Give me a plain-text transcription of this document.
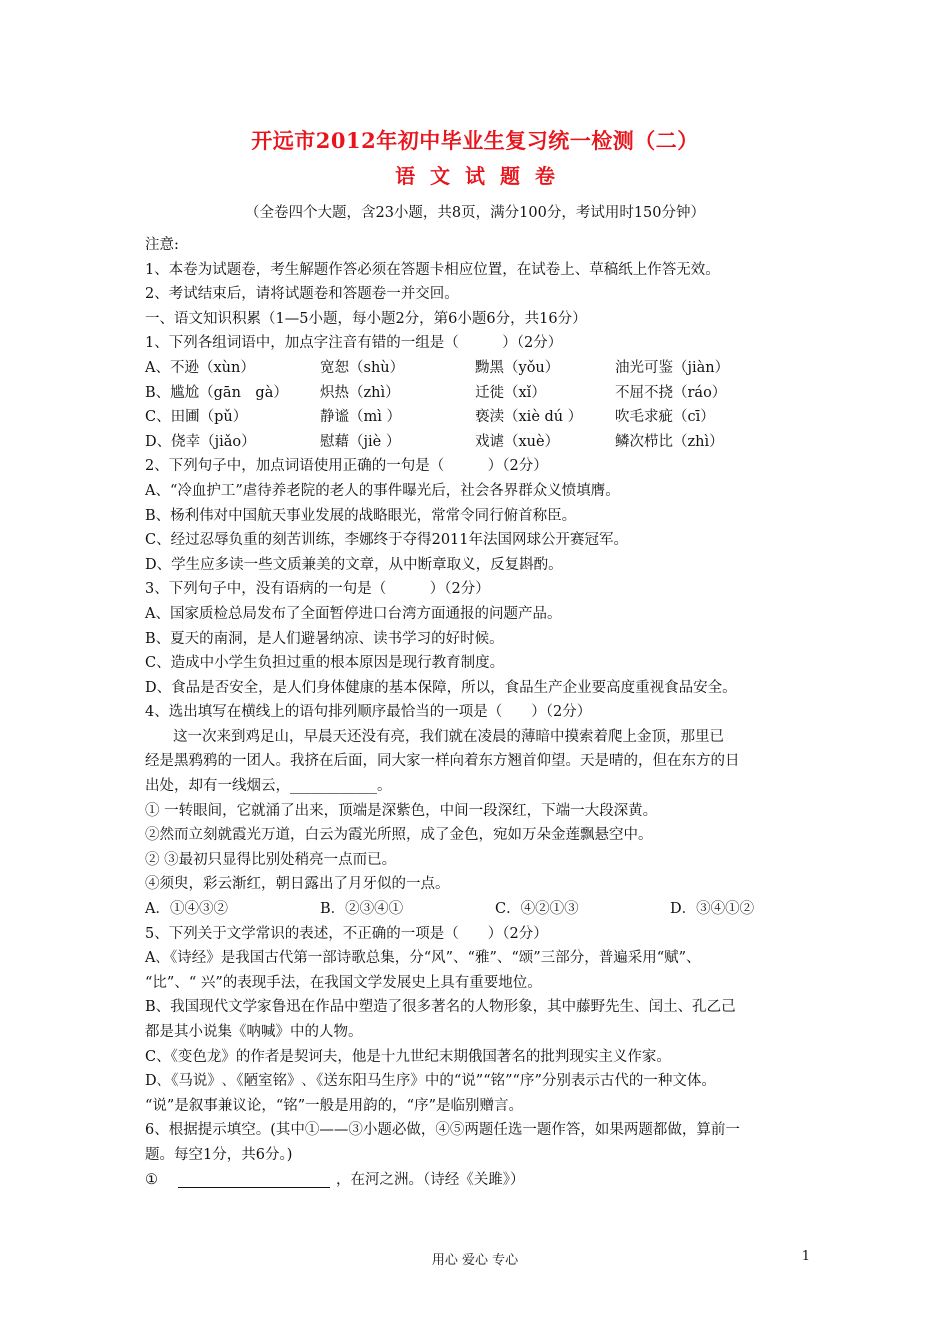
开远市2012年初中毕业生复习统一检测（二）
语 文 试 题 卷
（全卷四个大题，含23小题，共8页，满分100分，考试用时150分钟）
注意:
1、本卷为试题卷，考生解题作答必须在答题卡相应位置，在试卷上、草稿纸上作答无效。
2、考试结束后，请将试题卷和答题卷一并交回。
一、语文知识积累（1—5小题，每小题2分，第6小题6分，共16分）
1、下列各组词语中，加点字注音有错的一组是（　　　）（2分）
A、不逊（xùn）	宽恕（shù）	黝黑（yǒu）	油光可鉴（jiàn）
B、尴尬（gān　gà）	炽热（zhì）	迁徙（xǐ）	不屈不挠（ráo）
C、田圃（pǔ）	静谧（mì ）	亵渎（xiè dú ）	吹毛求疵（cī）
D、侥幸（jiǎo）	慰藉（jiè ）	戏谑（xuè）	鳞次栉比（zhì）
2、下列句子中，加点词语使用正确的一句是（　　　）（2分）
A、“冷血护工”虐待养老院的老人的事件曝光后，社会各界群众义愤填膺。
B、杨利伟对中国航天事业发展的战略眼光，常常令同行俯首称臣。
C、经过忍辱负重的刻苦训练，李娜终于夺得2011年法国网球公开赛冠军。
D、学生应多读一些文质兼美的文章，从中断章取义，反复斟酌。
3、下列句子中，没有语病的一句是（　　　）（2分）
A、国家质检总局发布了全面暂停进口台湾方面通报的问题产品。
B、夏天的南洞，是人们避暑纳凉、读书学习的好时候。
C、造成中小学生负担过重的根本原因是现行教育制度。
D、食品是否安全，是人们身体健康的基本保障，所以，食品生产企业要高度重视食品安全。
4、选出填写在横线上的语句排列顺序最恰当的一项是（　　）（2分）
这一次来到鸡足山，早晨天还没有亮，我们就在凌晨的薄暗中摸索着爬上金顶，那里已
经是黑鸦鸦的一团人。我挤在后面，同大家一样向着东方翘首仰望。天是晴的，但在东方的日
出处，却有一线烟云，____________。
① 一转眼间，它就涌了出来，顶端是深紫色，中间一段深红，下端一大段深黄。
②然而立刻就霞光万道，白云为霞光所照，成了金色，宛如万朵金莲飘悬空中。
② ③最初只显得比别处稍亮一点而已。
④须臾，彩云渐红，朝日露出了月牙似的一点。
A．①④③②	B．②③④①	C．④②①③	D．③④①②
5、下列关于文学常识的表述，不正确的一项是（　　）（2分）
A､《诗经》是我国古代第一部诗歌总集，分“风”、“雅”、“颂”三部分，普遍采用“赋”、
“比”、“ 兴”的表现手法，在我国文学发展史上具有重要地位。
B、我国现代文学家鲁迅在作品中塑造了很多著名的人物形象，其中藤野先生、闰土、孔乙己
都是其小说集《呐喊》中的人物。
C、《变色龙》的作者是契诃夫，他是十九世纪末期俄国著名的批判现实主义作家。
D､《马说》､《陋室铭》､《送东阳马生序》中的“说”“铭”“序”分别表示古代的一种文体。
“说”是叙事兼议论，“铭”一般是用韵的，“序”是临别赠言。
6、根据提示填空。(其中①——③小题必做，④⑤两题任选一题作答，如果两题都做，算前一
题。每空1分，共6分。)
①	，在河之洲。（诗经《关雎》）
用心 爱心 专心	1
